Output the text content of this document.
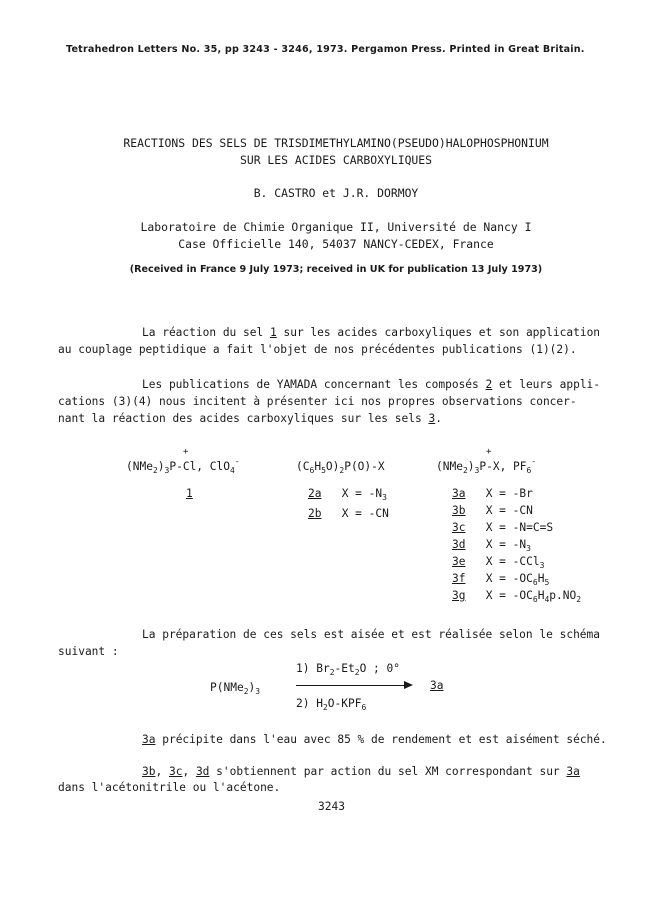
Tetrahedron Letters No. 35, pp 3243 - 3246, 1973. Pergamon Press. Printed in Great Britain.
REACTIONS DES SELS DE TRISDIMETHYLAMINO(PSEUDO)HALOPHOSPHONIUM
SUR LES ACIDES CARBOXYLIQUES
B. CASTRO et J.R. DORMOY
Laboratoire de Chimie Organique II, Université de Nancy I
Case Officielle 140, 54037 NANCY-CEDEX, France
(Received in France 9 July 1973; received in UK for publication 13 July 1973)
La réaction du sel 1 sur les acides carboxyliques et son application
au couplage peptidique a fait l'objet de nos précédentes publications (1)(2).
Les publications de YAMADA concernant les composés 2 et leurs appli-
cations (3)(4) nous incitent à présenter ici nos propres observations concer-
nant la réaction des acides carboxyliques sur les sels 3.
+
$(NMe_2)_3P-Cl$, ClO$_4$-
1
$(C_6H_5O)_2P(O)-X$
2a $X = -N_3$
2b X = -CN
+
$(NMe_2)_3P-X$, $PF_6^-$
3a X = -Br
3b X = -CN
3c X = -N=C=S
3d $X = -N_3$
3e X = -CCl$_3$
3f $X = -OC_6H_5$
3g $X = -OC_6H_4p.NO_2$
La préparation de ces sels est aisée et est réalisée selon le schéma
suivant :
1) $Br_2-Et_2O$ ; 0°
$P(NMe_2)_3$	3a
2) $H_2O-KPF_6$
3a précipite dans l'eau avec 85 % de rendement et est aisément séché.
3b, 3c, 3d s'obtiennent par action du sel XM correspondant sur 3a
dans l'acétonitrile ou l'acétone.
3243
